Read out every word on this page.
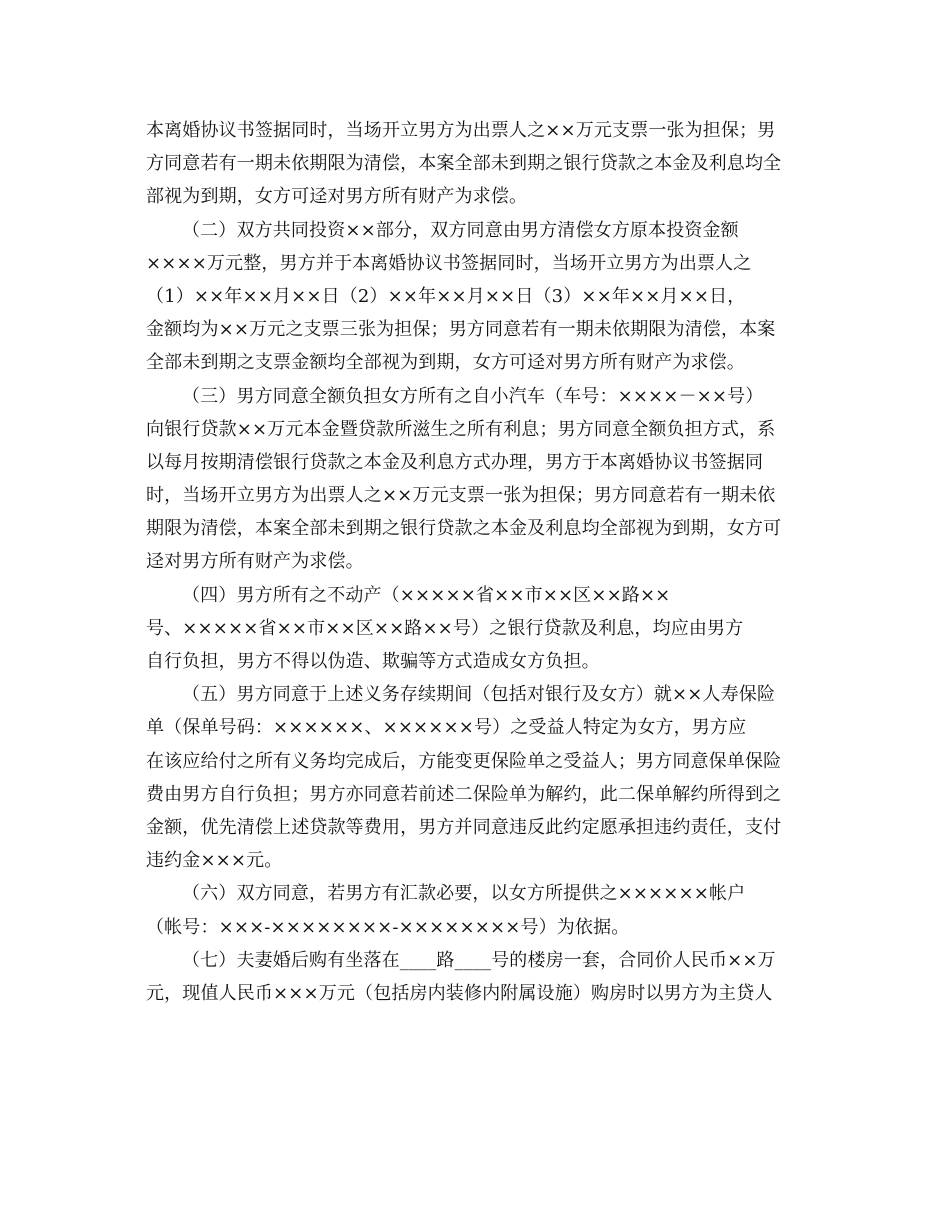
本离婚协议书签据同时，当场开立男方为出票人之××万元支票一张为担保；男
方同意若有一期未依期限为清偿，本案全部未到期之银行贷款之本金及利息均全
部视为到期，女方可迳对男方所有财产为求偿。
（二）双方共同投资××部分，双方同意由男方清偿女方原本投资金额
××××万元整，男方并于本离婚协议书签据同时，当场开立男方为出票人之
（1）××年××月××日（2）××年××月××日（3）××年××月××日，
金额均为××万元之支票三张为担保；男方同意若有一期未依期限为清偿，本案
全部未到期之支票金额均全部视为到期，女方可迳对男方所有财产为求偿。
（三）男方同意全额负担女方所有之自小汽车（车号：××××－××号）
向银行贷款××万元本金暨贷款所滋生之所有利息；男方同意全额负担方式，系
以每月按期清偿银行贷款之本金及利息方式办理，男方于本离婚协议书签据同
时，当场开立男方为出票人之××万元支票一张为担保；男方同意若有一期未依
期限为清偿，本案全部未到期之银行贷款之本金及利息均全部视为到期，女方可
迳对男方所有财产为求偿。
（四）男方所有之不动产（×××××省××市××区××路××
号、×××××省××市××区××路××号）之银行贷款及利息，均应由男方
自行负担，男方不得以伪造、欺骗等方式造成女方负担。
（五）男方同意于上述义务存续期间（包括对银行及女方）就××人寿保险
单（保单号码：××××××、××××××号）之受益人特定为女方，男方应
在该应给付之所有义务均完成后，方能变更保险单之受益人；男方同意保单保险
费由男方自行负担；男方亦同意若前述二保险单为解约，此二保单解约所得到之
金额，优先清偿上述贷款等费用，男方并同意违反此约定愿承担违约责任，支付
违约金×××元。
（六）双方同意，若男方有汇款必要，以女方所提供之××××××帐户
（帐号：×××-××××××××-××××××××号）为依据。
（七）夫妻婚后购有坐落在____路____号的楼房一套，合同价人民币××万
元，现值人民币×××万元（包括房内装修内附属设施）购房时以男方为主贷人
